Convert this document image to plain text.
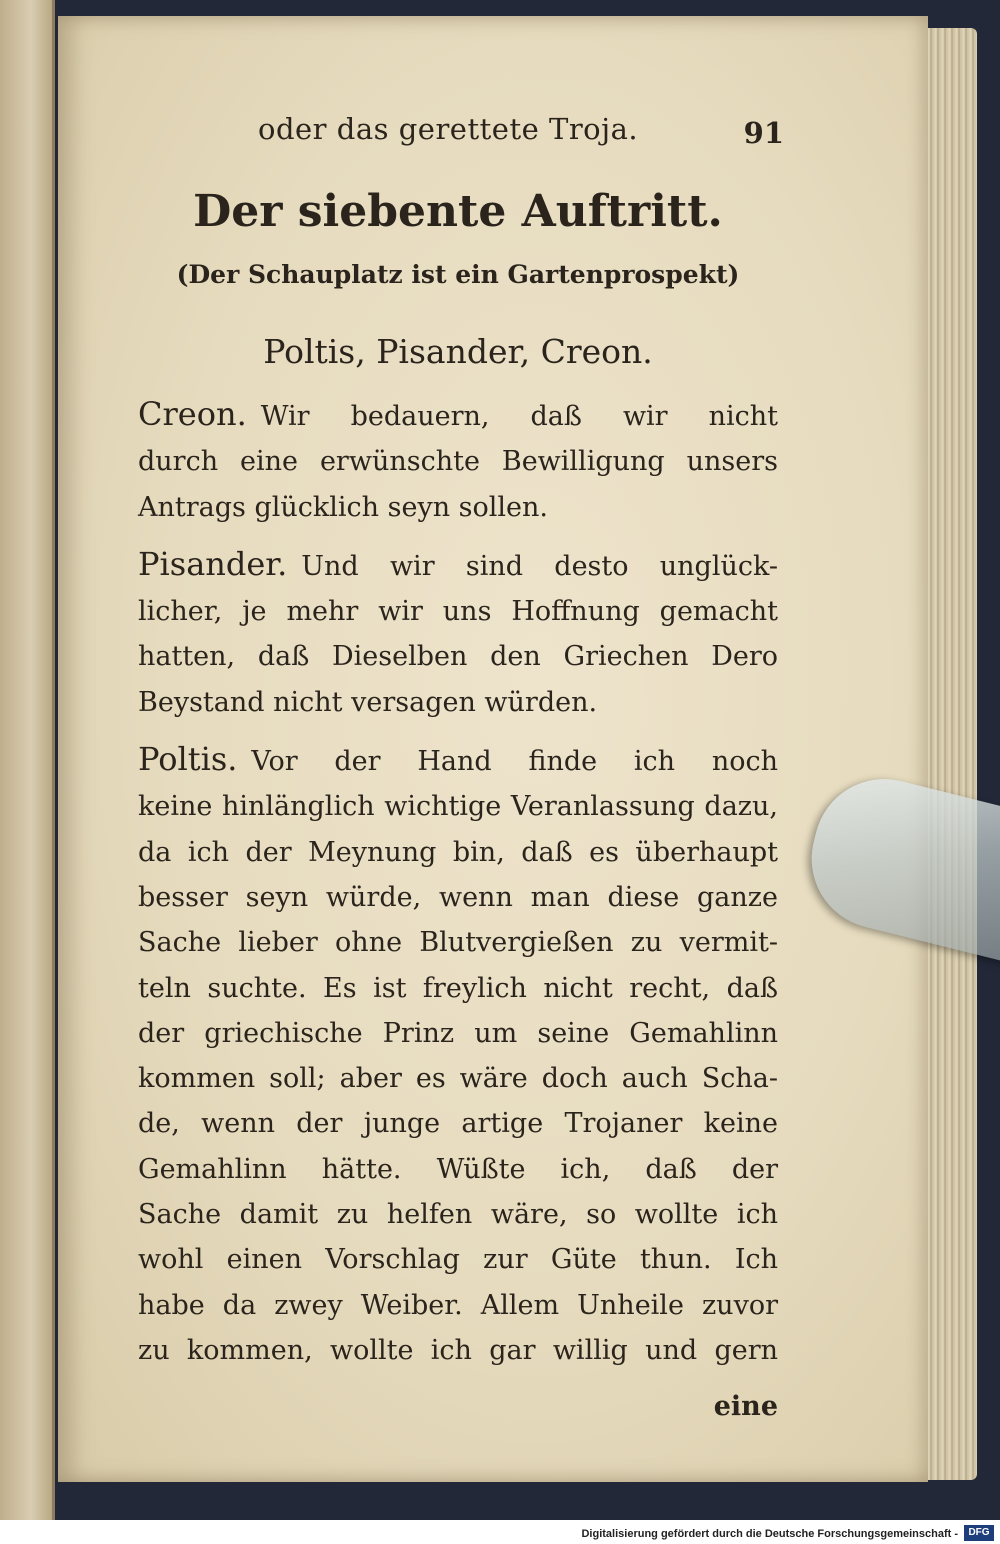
oder das gerettete Troja.	91
Der siebente Auftritt.
(Der Schauplatz ist ein Gartenprospekt)
Poltis, Pisander, Creon.
Creon. Wir bedauern, daß wir nicht
durch eine erwünschte Bewilligung unsers
Antrags glücklich seyn sollen.
Pisander. Und wir sind desto unglück-
licher, je mehr wir uns Hoffnung gemacht
hatten, daß Dieselben den Griechen Dero
Beystand nicht versagen würden.
Poltis. Vor der Hand finde ich noch
keine hinlänglich wichtige Veranlassung dazu,
da ich der Meynung bin, daß es überhaupt
besser seyn würde, wenn man diese ganze
Sache lieber ohne Blutvergießen zu vermit-
teln suchte. Es ist freylich nicht recht, daß
der griechische Prinz um seine Gemahlinn
kommen soll; aber es wäre doch auch Scha-
de, wenn der junge artige Trojaner keine
Gemahlinn hätte. Wüßte ich, daß der
Sache damit zu helfen wäre, so wollte ich
wohl einen Vorschlag zur Güte thun. Ich
habe da zwey Weiber. Allem Unheile zuvor
zu kommen, wollte ich gar willig und gern
eine
Digitalisierung gefördert durch die Deutsche Forschungsgemeinschaft -	DFG
